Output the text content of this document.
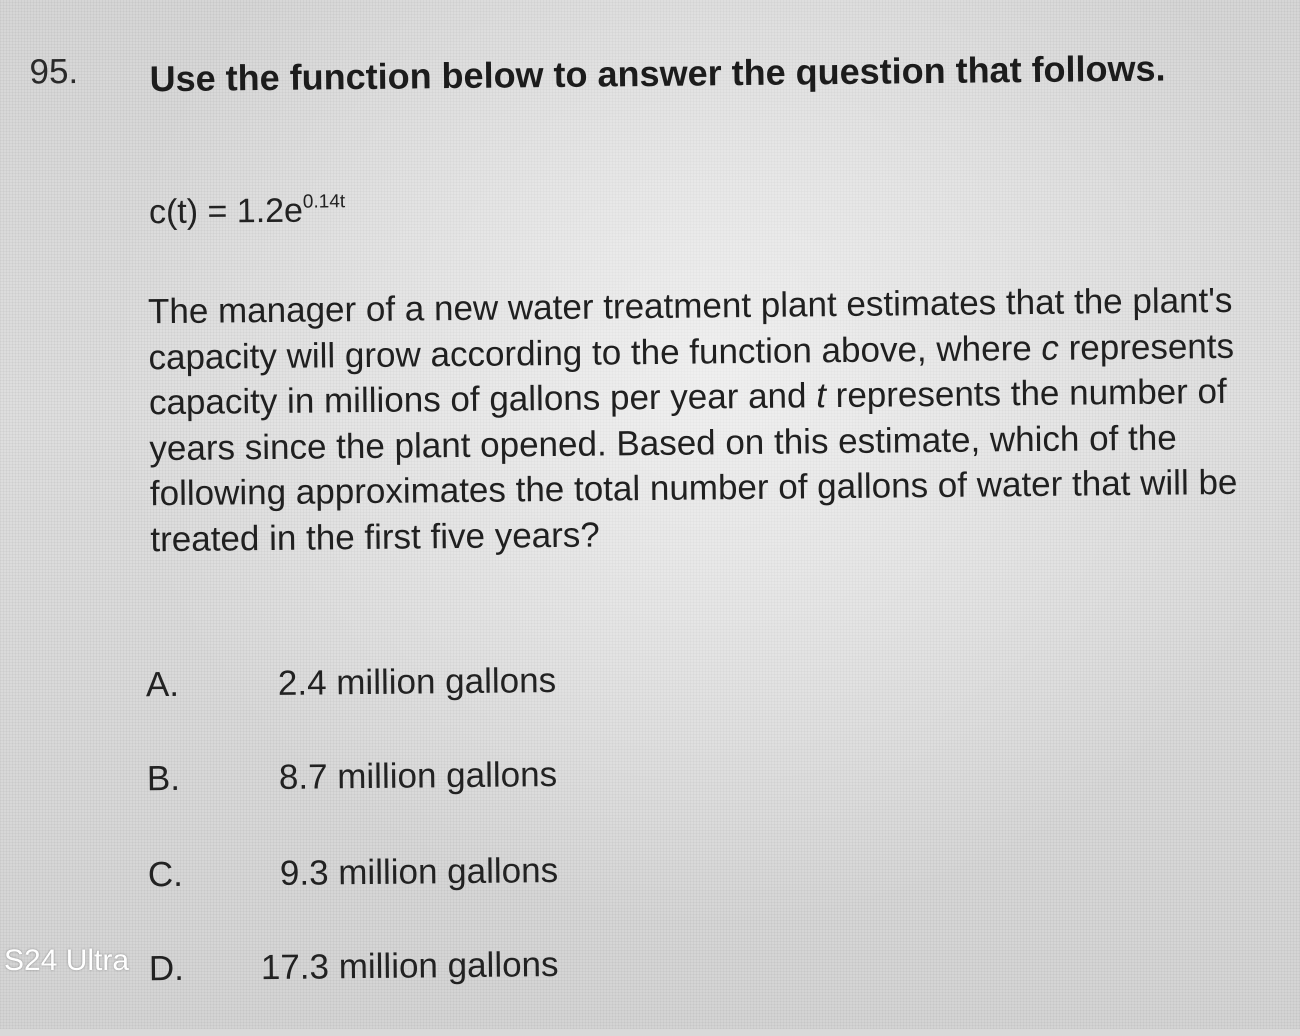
95. Use the function below to answer the question that follows.
$c(t) = 1.2e^{0.14t}$
The manager of a new water treatment plant estimates that the plant's capacity will grow according to the function above, where c represents capacity in millions of gallons per year and t represents the number of years since the plant opened. Based on this estimate, which of the following approximates the total number of gallons of water that will be treated in the first five years?
A.	2.4 million gallons
B.	8.7 million gallons
C.	9.3 million gallons
D. 17.3 million gallons
S24 Ultra
